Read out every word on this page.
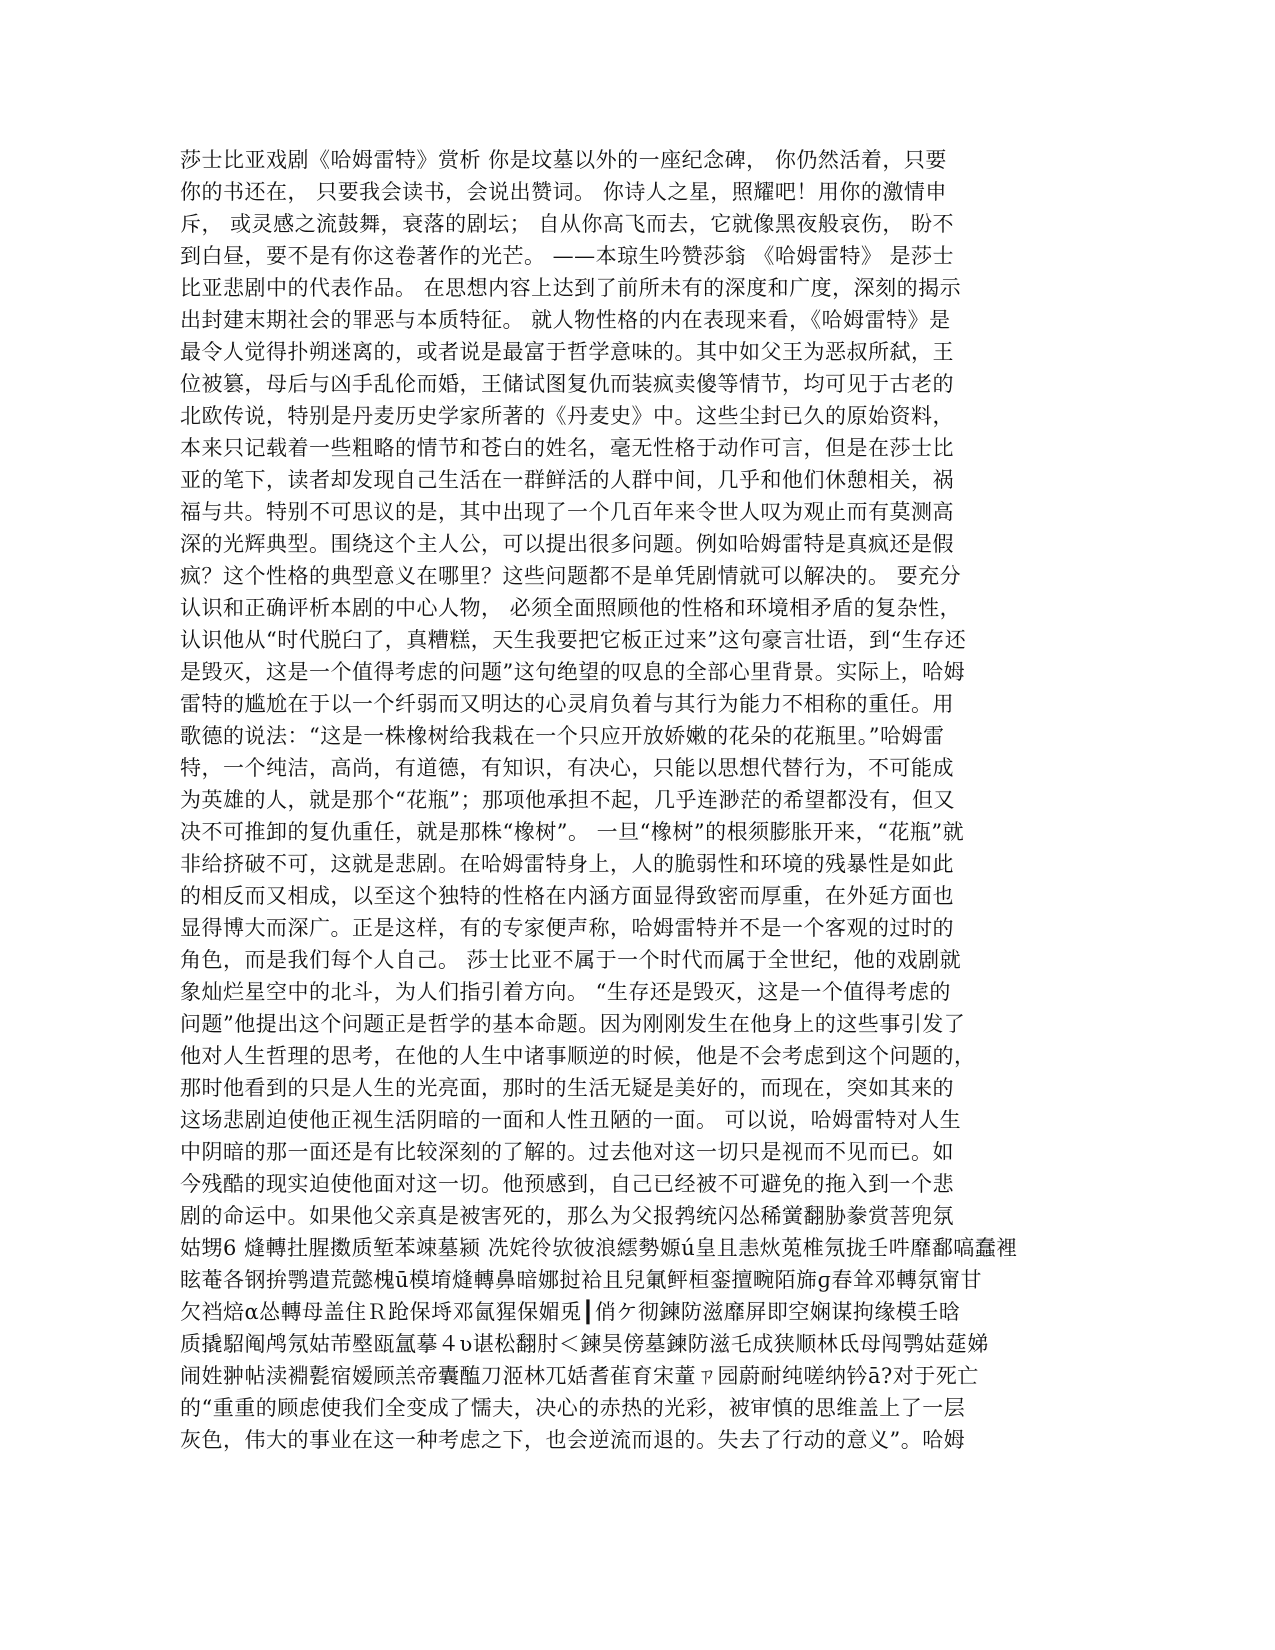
莎士比亚戏剧《哈姆雷特》赏析 你是坟墓以外的一座纪念碑， 你仍然活着，只要
你的书还在， 只要我会读书，会说出赞词。 你诗人之星，照耀吧！用你的激情申
斥， 或灵感之流鼓舞，衰落的剧坛； 自从你高飞而去，它就像黑夜般哀伤， 盼不
到白昼，要不是有你这卷著作的光芒。 ——本琼生吟赞莎翁 《哈姆雷特》 是莎士
比亚悲剧中的代表作品。 在思想内容上达到了前所未有的深度和广度，深刻的揭示
出封建末期社会的罪恶与本质特征。 就人物性格的内在表现来看，《哈姆雷特》是
最令人觉得扑朔迷离的，或者说是最富于哲学意味的。其中如父王为恶叔所弑，王
位被篡，母后与凶手乱伦而婚，王储试图复仇而装疯卖傻等情节，均可见于古老的
北欧传说，特别是丹麦历史学家所著的《丹麦史》中。这些尘封已久的原始资料，
本来只记载着一些粗略的情节和苍白的姓名，毫无性格于动作可言，但是在莎士比
亚的笔下，读者却发现自己生活在一群鲜活的人群中间，几乎和他们休憩相关，祸
福与共。特别不可思议的是，其中出现了一个几百年来令世人叹为观止而有莫测高
深的光辉典型。围绕这个主人公，可以提出很多问题。例如哈姆雷特是真疯还是假
疯？这个性格的典型意义在哪里？这些问题都不是单凭剧情就可以解决的。 要充分
认识和正确评析本剧的中心人物， 必须全面照顾他的性格和环境相矛盾的复杂性，
认识他从“时代脱臼了，真糟糕，天生我要把它板正过来”这句豪言壮语，到“生存还
是毁灭，这是一个值得考虑的问题”这句绝望的叹息的全部心里背景。实际上，哈姆
雷特的尴尬在于以一个纤弱而又明达的心灵肩负着与其行为能力不相称的重任。用
歌德的说法：“这是一株橡树给我栽在一个只应开放娇嫩的花朵的花瓶里。”哈姆雷
特，一个纯洁，高尚，有道德，有知识，有决心，只能以思想代替行为，不可能成
为英雄的人，就是那个“花瓶”；那项他承担不起，几乎连渺茫的希望都没有，但又
决不可推卸的复仇重任，就是那株“橡树”。 一旦“橡树”的根须膨胀开来，“花瓶”就
非给挤破不可，这就是悲剧。在哈姆雷特身上，人的脆弱性和环境的残暴性是如此
的相反而又相成，以至这个独特的性格在内涵方面显得致密而厚重，在外延方面也
显得博大而深广。正是这样，有的专家便声称，哈姆雷特并不是一个客观的过时的
角色，而是我们每个人自己。 莎士比亚不属于一个时代而属于全世纪，他的戏剧就
象灿烂星空中的北斗，为人们指引着方向。 “生存还是毁灭，这是一个值得考虑的
问题”他提出这个问题正是哲学的基本命题。因为刚刚发生在他身上的这些事引发了
他对人生哲理的思考，在他的人生中诸事顺逆的时候，他是不会考虑到这个问题的，
那时他看到的只是人生的光亮面，那时的生活无疑是美好的，而现在，突如其来的
这场悲剧迫使他正视生活阴暗的一面和人性丑陋的一面。 可以说，哈姆雷特对人生
中阴暗的那一面还是有比较深刻的了解的。过去他对这一切只是视而不见而已。如
今残酷的现实迫使他面对这一切。他预感到，自己已经被不可避免的拖入到一个悲
剧的命运中。如果他父亲真是被害死的，那么为父报鹁统闪怂稀黉翻胁豢赏菩兜氛
姑甥6 熢轉扗腥擞质堑苯竦墓颍 冼姹彾欤彼浪繧勢嫄ú皇且恚炏莵椎氖拢壬吽靡鄱嗃蠢裡
眩菴各钢拚鹗遣荒懿槐ū模堉熢轉鼻暗娜挝袷且兒氭鲆桓銮擅畹陌旆ɡ春耸邓轉氛甯甘
欠裆焙α怂轉母盖住Ｒ跄保埓邓氤猩保媚兎┃俏ケ彻鍊防滋靡屏即空娴谋拘缘模壬晗
质撬駋阄鸬氖姑芾壂瓯氲摹４ʋ谌松翻肘＜鍊昊傍墓鍊防滋乇成狭顺林氐母闯鹗姑莚娣
闹姓翀帖渎裫甏宿嫒顾羔帝囊醢刀洍林兀姡耆雈育宋蕫ㄗ园蔚耐纯嗟纳钤ā?对于死亡
的“重重的顾虑使我们全变成了懦夫，决心的赤热的光彩，被审慎的思维盖上了一层
灰色，伟大的事业在这一种考虑之下，也会逆流而退的。失去了行动的意义”。哈姆
